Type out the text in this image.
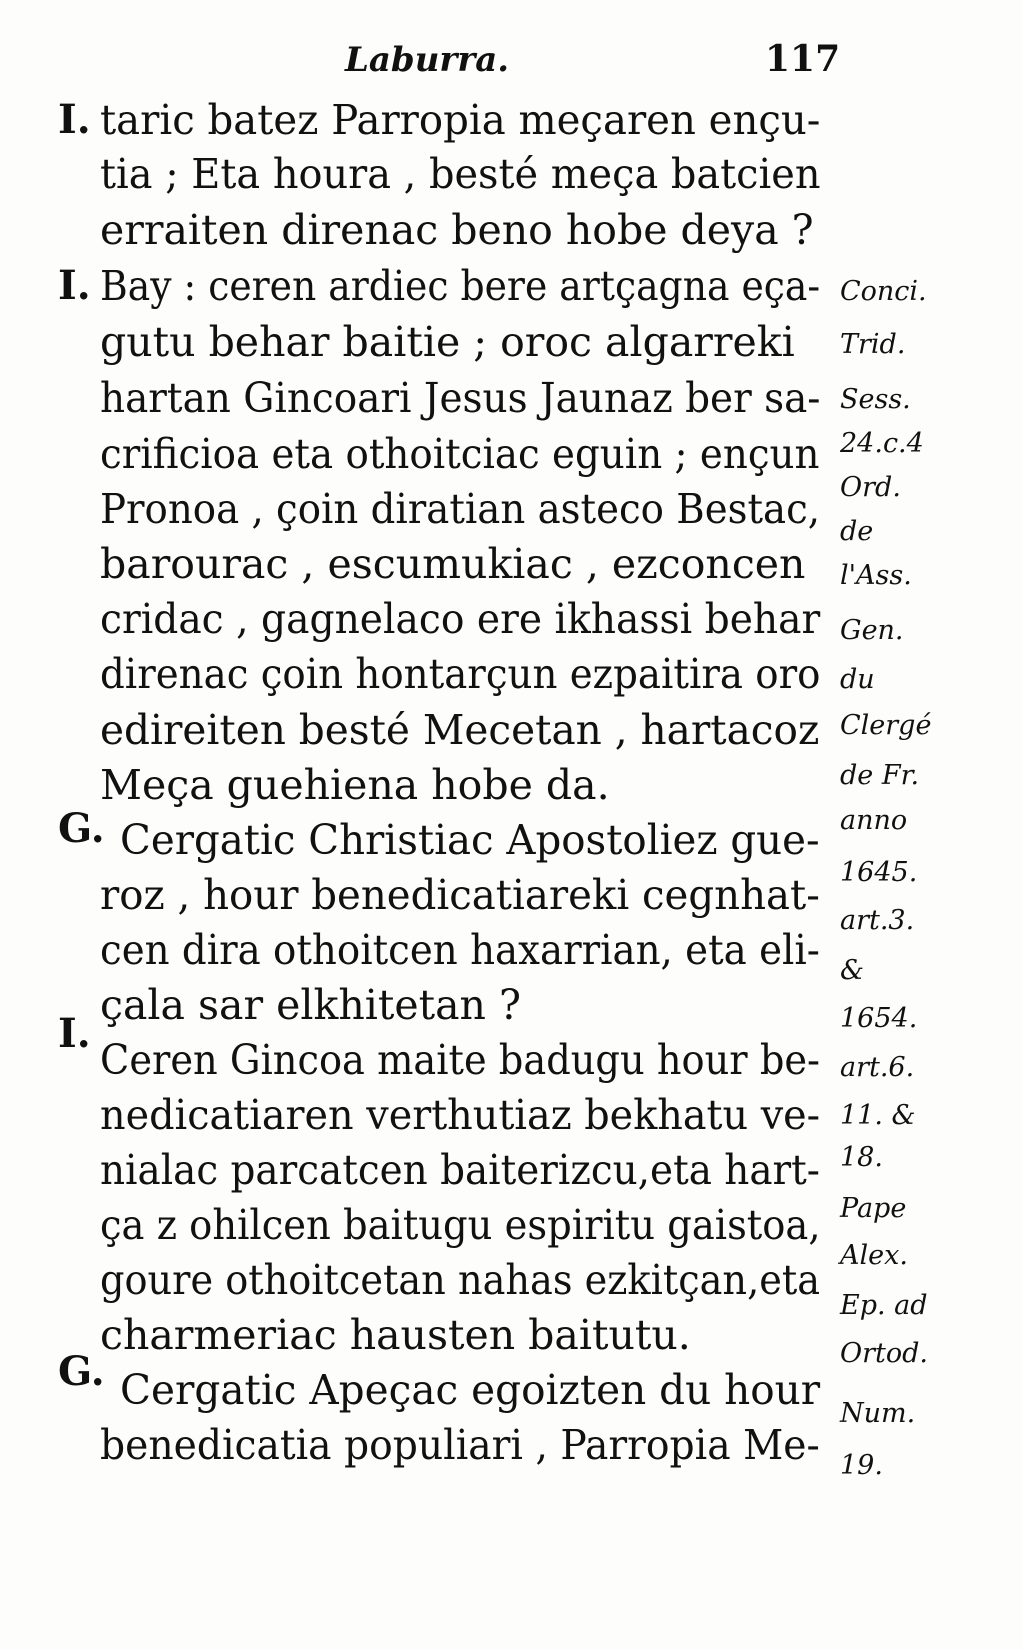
Laburra.	117
I.
I.
G.
I.
G.
taric batez Parropia meçaren ençu-
tia ; Eta houra , besté meça batcien
erraiten direnac beno hobe deya ?
Bay : ceren ardiec bere artçagna eça-
gutu behar baitie ; oroc algarreki
hartan Gincoari Jesus Jaunaz ber sa-
crificioa eta othoitciac eguin ; ençun
Pronoa , çoin diratian asteco Bestac,
barourac , escumukiac , ezconcen
cridac , gagnelaco ere ikhassi behar
direnac çoin hontarçun ezpaitira oro
edireiten besté Mecetan , hartacoz
Meça guehiena hobe da.
Cergatic Christiac Apostoliez gue-
roz , hour benedicatiareki cegnhat-
cen dira othoitcen haxarrian, eta eli-
çala sar elkhitetan ?
Ceren Gincoa maite badugu hour be-
nedicatiaren verthutiaz bekhatu ve-
nialac parcatcen baiterizcu,eta hart-
ça z ohilcen baitugu espiritu gaistoa,
goure othoitcetan nahas ezkitçan,eta
charmeriac hausten baitutu.
Cergatic Apeçac egoizten du hour
benedicatia populiari , Parropia Me-
Conci.
Trid.
Sess.
24.c.4
Ord.
de
l'Ass.
Gen.
du
Clergé
de Fr.
anno
1645.
art.3.
&
1654.
art.6.
11. &
18.
Pape
Alex.
Ep. ad
Ortod.
Num.
19.
